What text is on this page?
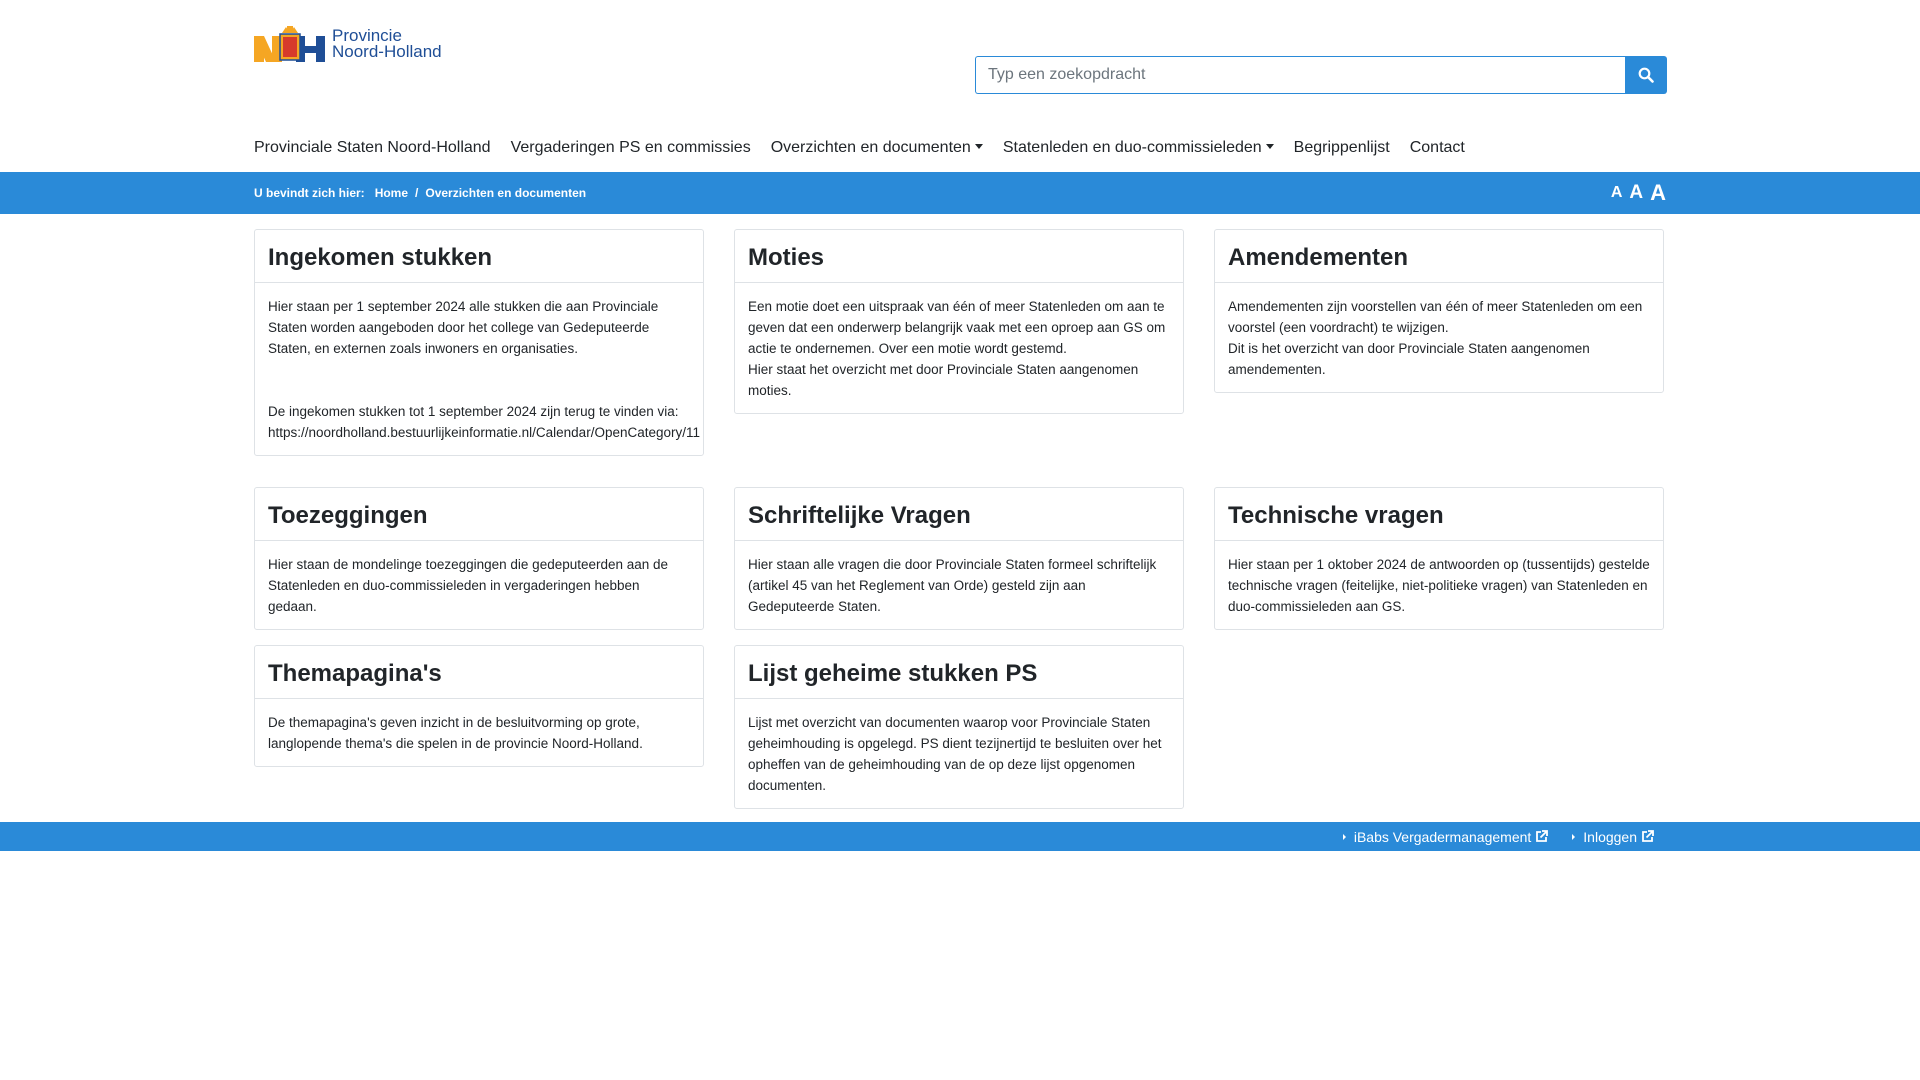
Provincie
Noord-Holland
Typ een zoekopdracht
Provinciale Staten Noord-Holland Vergaderingen PS en commissies Overzichten en documenten	Statenleden en duo-commissieleden	Begrippenlijst Contact
U bevindt zich hier: Home / Overzichten en documenten	A A A
Ingekomen stukken

Hier staan per 1 september 2024 alle stukken die aan Provinciale Staten worden aangeboden door het college van Gedeputeerde Staten, en externen zoals inwoners en organisaties.

De ingekomen stukken tot 1 september 2024 zijn terug te vinden via:

https://noordholland.bestuurlijkeinformatie.nl/Calendar/OpenCategory/11

Moties

Een motie doet een uitspraak van één of meer Statenleden om aan te geven dat een onderwerp belangrijk vaak met een oproep aan GS om actie te ondernemen. Over een motie wordt gestemd.

Hier staat het overzicht met door Provinciale Staten aangenomen moties.

Amendementen

Amendementen zijn voorstellen van één of meer Statenleden om een voorstel (een voordracht) te wijzigen.

Dit is het overzicht van door Provinciale Staten aangenomen amendementen.

Toezeggingen

Hier staan de mondelinge toezeggingen die gedeputeerden aan de Statenleden en duo-commissieleden in vergaderingen hebben gedaan.

Schriftelijke Vragen

Hier staan alle vragen die door Provinciale Staten formeel schriftelijk (artikel 45 van het Reglement van Orde) gesteld zijn aan Gedeputeerde Staten.

Technische vragen

Hier staan per 1 oktober 2024 de antwoorden op (tussentijds) gestelde technische vragen (feitelijke, niet-politieke vragen) van Statenleden en duo-commissieleden aan GS.

Themapagina's

De themapagina's geven inzicht in de besluitvorming op grote, langlopende thema's die spelen in de provincie Noord-Holland.

Lijst geheime stukken PS

Lijst met overzicht van documenten waarop voor Provinciale Staten geheimhouding is opgelegd. PS dient tezijnertijd te besluiten over het opheffen van de geheimhouding van de op deze lijst opgenomen documenten.

iBabs Vergadermanagement	Inloggen
